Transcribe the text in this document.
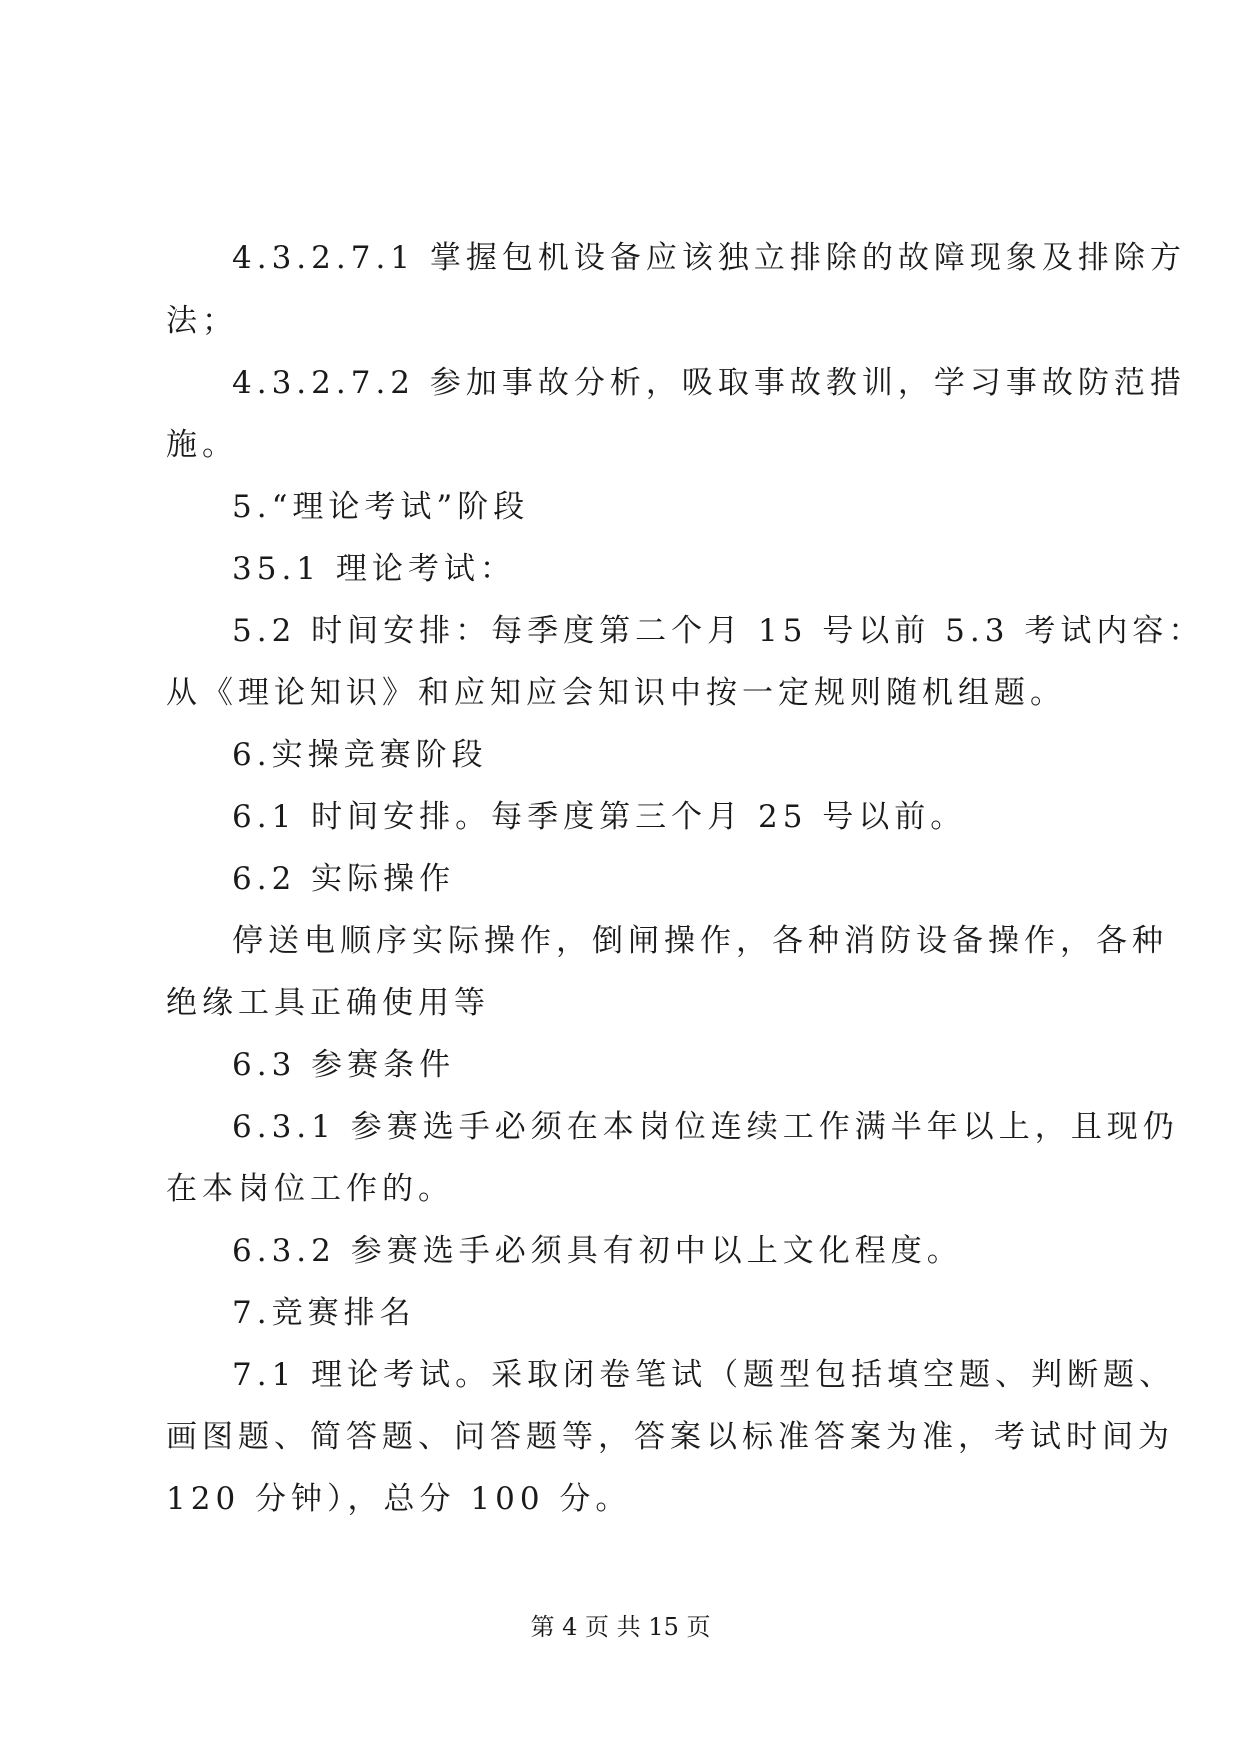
4.3.2.7.1 掌握包机设备应该独立排除的故障现象及排除方
法；
4.3.2.7.2 参加事故分析，吸取事故教训，学习事故防范措
施。
5.“理论考试”阶段
35.1 理论考试：
5.2 时间安排：每季度第二个月 15 号以前 5.3 考试内容：
从《理论知识》和应知应会知识中按一定规则随机组题。
6.实操竞赛阶段
6.1 时间安排。每季度第三个月 25 号以前。
6.2 实际操作
停送电顺序实际操作，倒闸操作，各种消防设备操作，各种
绝缘工具正确使用等
6.3 参赛条件
6.3.1 参赛选手必须在本岗位连续工作满半年以上，且现仍
在本岗位工作的。
6.3.2 参赛选手必须具有初中以上文化程度。
7.竞赛排名
7.1 理论考试。采取闭卷笔试（题型包括填空题、判断题、
画图题、简答题、问答题等，答案以标准答案为准，考试时间为
120 分钟），总分 100 分。
第 4 页 共 15 页
